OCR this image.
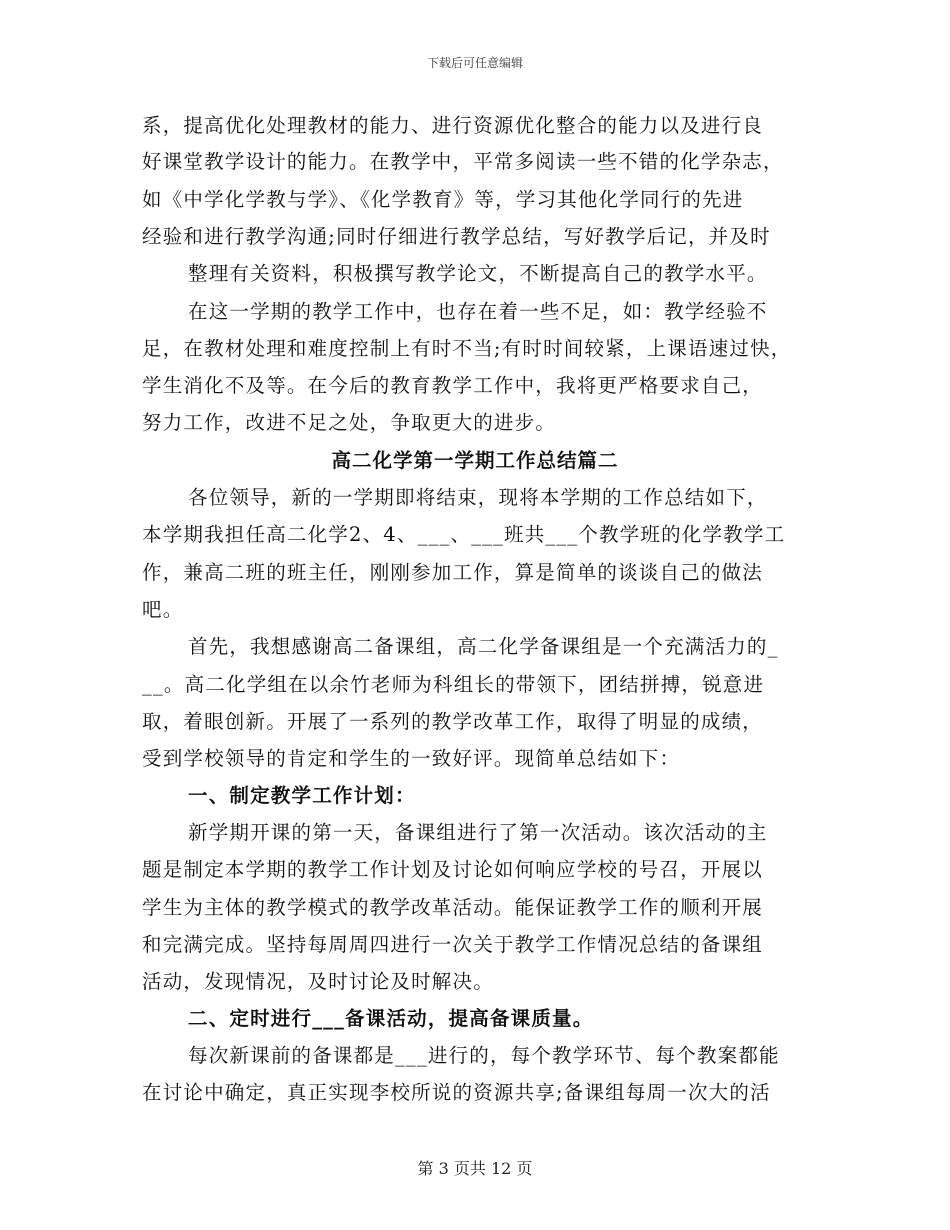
下载后可任意编辑
系，提高优化处理教材的能力、进行资源优化整合的能力以及进行良
好课堂教学设计的能力。在教学中，平常多阅读一些不错的化学杂志，
如《中学化学教与学》、《化学教育》等，学习其他化学同行的先进
经验和进行教学沟通;同时仔细进行教学总结，写好教学后记，并及时
整理有关资料，积极撰写教学论文，不断提高自己的教学水平。
在这一学期的教学工作中，也存在着一些不足，如：教学经验不
足，在教材处理和难度控制上有时不当;有时时间较紧，上课语速过快，
学生消化不及等。在今后的教育教学工作中，我将更严格要求自己，
努力工作，改进不足之处，争取更大的进步。
高二化学第一学期工作总结篇二
各位领导，新的一学期即将结束，现将本学期的工作总结如下，
本学期我担任高二化学2、4、___、___班共___个教学班的化学教学工
作，兼高二班的班主任，刚刚参加工作，算是简单的谈谈自己的做法
吧。
首先，我想感谢高二备课组，高二化学备课组是一个充满活力的_
__。高二化学组在以余竹老师为科组长的带领下，团结拼搏，锐意进
取，着眼创新。开展了一系列的教学改革工作，取得了明显的成绩，
受到学校领导的肯定和学生的一致好评。现简单总结如下：
一、制定教学工作计划：
新学期开课的第一天，备课组进行了第一次活动。该次活动的主
题是制定本学期的教学工作计划及讨论如何响应学校的号召，开展以
学生为主体的教学模式的教学改革活动。能保证教学工作的顺利开展
和完满完成。坚持每周周四进行一次关于教学工作情况总结的备课组
活动，发现情况，及时讨论及时解决。
二、定时进行___备课活动，提高备课质量。
每次新课前的备课都是___进行的，每个教学环节、每个教案都能
在讨论中确定，真正实现李校所说的资源共享;备课组每周一次大的活
第 3 页共 12 页
